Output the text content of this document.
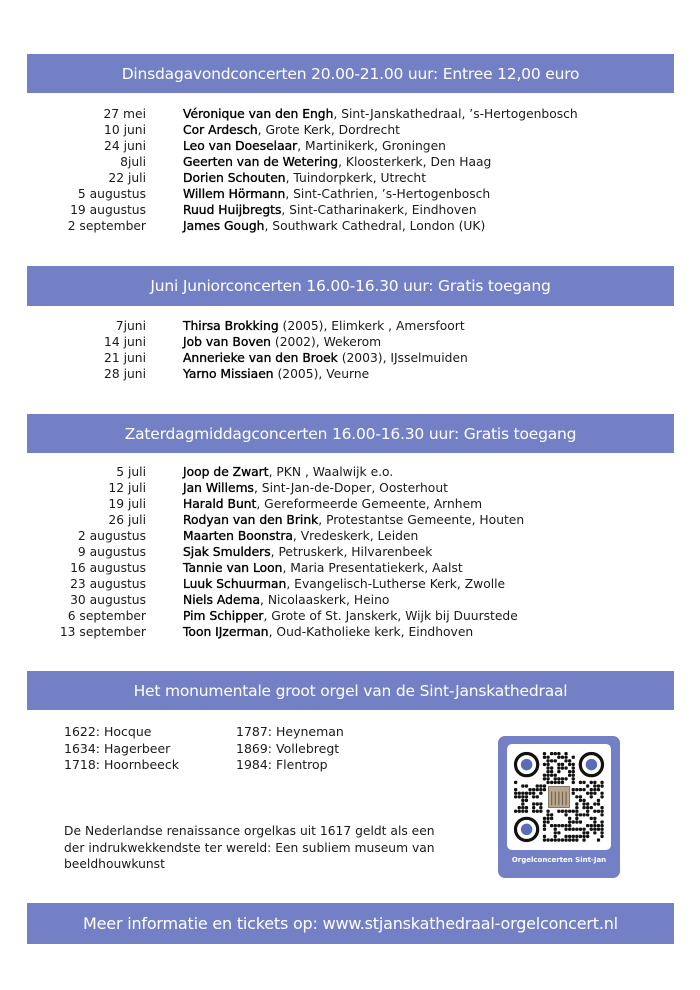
Dinsdagavondconcerten 20.00-21.00 uur: Entree 12,00 euro
27 mei	Véronique van den Engh, Sint-Janskathedraal, ’s-Hertogenbosch
10 juni	Cor Ardesch, Grote Kerk, Dordrecht
24 juni	Leo van Doeselaar, Martinikerk, Groningen
8juli	Geerten van de Wetering, Kloosterkerk, Den Haag
22 juli	Dorien Schouten, Tuindorpkerk, Utrecht
5 augustus	Willem Hörmann, Sint-Cathrien, ’s-Hertogenbosch
19 augustus	Ruud Huijbregts, Sint-Catharinakerk, Eindhoven
2 september	James Gough, Southwark Cathedral, London (UK)
Juni Juniorconcerten 16.00-16.30 uur: Gratis toegang
7juni	Thirsa Brokking (2005), Elimkerk , Amersfoort
14 juni	Job van Boven (2002), Wekerom
21 juni	Annerieke van den Broek (2003), IJsselmuiden
28 juni	Yarno Missiaen (2005), Veurne
Zaterdagmiddagconcerten 16.00-16.30 uur: Gratis toegang
5 juli	Joop de Zwart, PKN , Waalwijk e.o.
12 juli	Jan Willems, Sint-Jan-de-Doper, Oosterhout
19 juli	Harald Bunt, Gereformeerde Gemeente, Arnhem
26 juli	Rodyan van den Brink, Protestantse Gemeente, Houten
2 augustus	Maarten Boonstra, Vredeskerk, Leiden
9 augustus	Sjak Smulders, Petruskerk, Hilvarenbeek
16 augustus	Tannie van Loon, Maria Presentatiekerk, Aalst
23 augustus	Luuk Schuurman, Evangelisch-Lutherse Kerk, Zwolle
30 augustus	Niels Adema, Nicolaaskerk, Heino
6 september	Pim Schipper, Grote of St. Janskerk, Wijk bij Duurstede
13 september	Toon IJzerman, Oud-Katholieke kerk, Eindhoven
Het monumentale groot orgel van de Sint-Janskathedraal
1622: Hocque
1634: Hagerbeer
1718: Hoornbeeck
1787: Heyneman
1869: Vollebregt
1984: Flentrop
De Nederlandse renaissance orgelkas uit 1617 geldt als een der indrukwekkendste ter wereld: Een subliem museum van beeldhouwkunst	Orgelconcerten Sint-Jan
Meer informatie en tickets op: www.stjanskathedraal-orgelconcert.nl
